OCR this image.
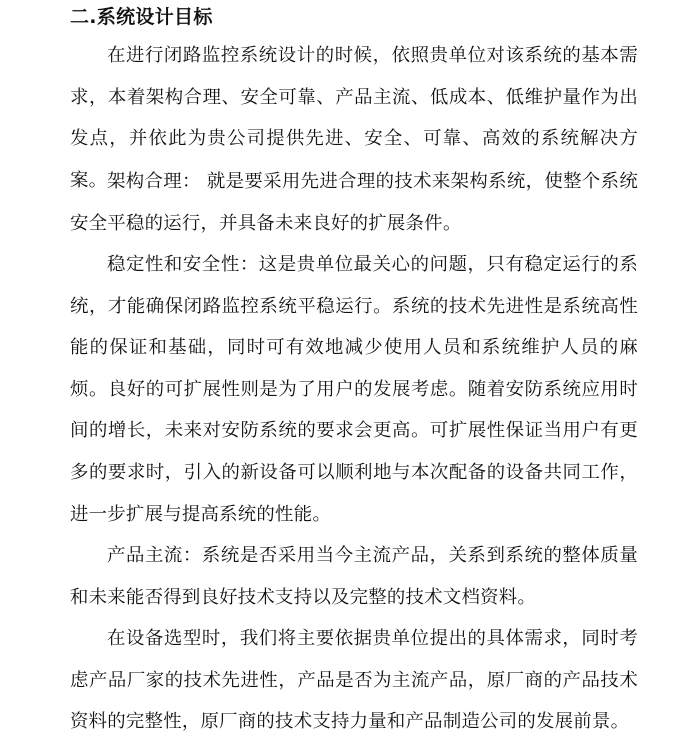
二.系统设计目标

在进行闭路监控系统设计的时候，依照贵单位对该系统的基本需求，本着架构合理、安全可靠、产品主流、低成本、低维护量作为出发点，并依此为贵公司提供先进、安全、可靠、高效的系统解决方案。 架构合理： 就是要采用先进合理的技术来架构系统，使整个系统安全平稳的运行，并具备未来良好的扩展条件。

稳定性和安全性：这是贵单位最关心的问题，只有稳定运行的系统，才能确保闭路监控系统平稳运行。系统的技术先进性是系统高性能的保证和基础，同时可有效地减少使用人员和系统维护人员的麻烦。良好的可扩展性则是为了用户的发展考虑。随着安防系统应用时间的增长，未来对安防系统的要求会更高。可扩展性保证当用户有更多的要求时，引入的新设备可以顺利地与本次配备的设备共同工作，进一步扩展与提高系统的性能。

产品主流：系统是否采用当今主流产品，关系到系统的整体质量和未来能否得到良好技术支持以及完整的技术文档资料。

在设备选型时，我们将主要依据贵单位提出的具体需求，同时考虑产品厂家的技术先进性，产品是否为主流产品，原厂商的产品技术资料的完整性，原厂商的技术支持力量和产品制造公司的发展前景。
